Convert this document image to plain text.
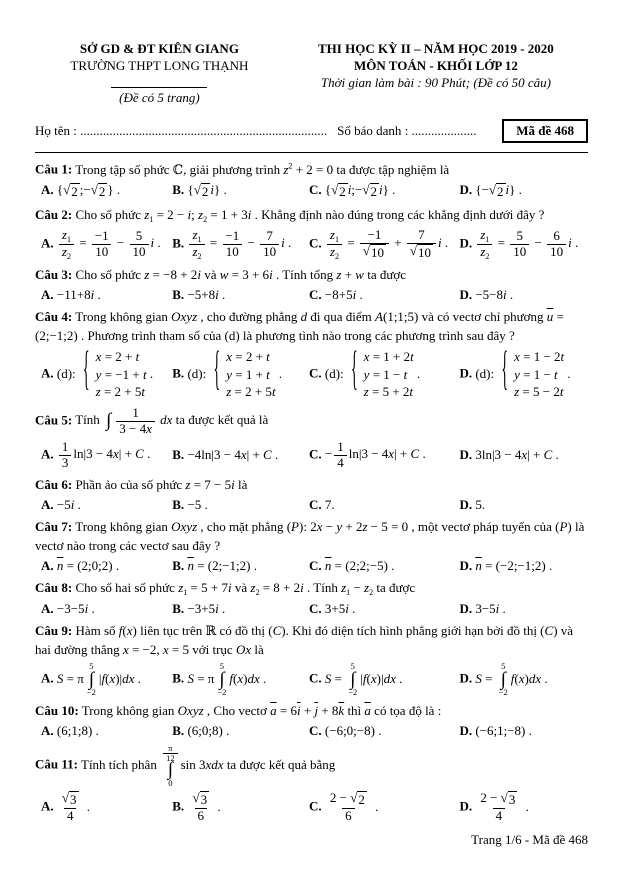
SỞ GD & ĐT KIÊN GIANG
TRƯỜNG THPT LONG THẠNH
(Đề có 5 trang)
THI HỌC KỲ II – NĂM HỌC 2019 - 2020
MÔN TOÁN - KHỐI LỚP 12
Thời gian làm bài : 90 Phút; (Đề có 50 câu)
Họ tên : ............................................................................ Số báo danh : ....................	Mã đề 468
Câu 1: Trong tập số phức ℂ, giải phương trình $z^2 + 2 = 0$ ta được tập nghiệm là
A. { √ 2 ;− √ 2 } .	B. { √ 2 i} .	C. { √ 2 i;− √ 2 i} .	D. {− √ 2 i} .
Câu 2: Cho số phức $z_1 = 2 - i$; $z_2 = 1 + 3i$ . Khẳng định nào đúng trong các khẳng định dưới đây ?
A. $\frac{z_1}{z_2} = \frac{-1}{10} - \frac{5}{10}$ i . B. $\frac{z_1}{z_2} = \frac{-1}{10} - \frac{7}{10}$ i .	C. $\frac{z_1}{z_2} = \frac{-1}{√ 10} + \frac{7}{√ 10}$ i . D. $\frac{z_1}{z_2} = \frac{5}{10} - \frac{6}{10}$ i .
Câu 3: Cho số phức z = −8 + 2i và w = 3 + 6i . Tính tổng z + w ta được
A. −11+8i .	B. −5+8i .	C. −8+5i .	D. −5−8i .
Câu 4: Trong không gian Oxyz , cho đường phẳng d đi qua điểm A(1;1;5) và có vectơ chỉ phương $\overline{u}$ = (2;−1;2) . Phương trình tham số của (d) là phương tình nào trong các phương trình sau đây ?
A. (d): { x = 2 + t
y = −1 + t
z = 2 + 5t
.	B. (d): { x = 2 + t
y = 1 + t
z = 2 + 5t
.	C. (d): { x = 1 + 2t
y = 1 − t
z = 5 + 2t
.	D. (d): { x = 1 − 2t
y = 1 − t
z = 5 − 2t
.
Câu 5: Tính ∫ $\frac{1}{3 - 4x}$ dx ta được kết quả là
A. $\frac{1}{3} \ln|3 - 4x| + C$ .	B. −4ln|3 − 4x| + C .	C. − $\frac{1}{4} \ln|3 - 4x| + C$ .	D. 3ln|3 − 4x| + C .
Câu 6: Phần ảo của số phức z = 7 − 5i là
A. −5i .	B. −5 .	C. 7.	D. 5.
Câu 7: Trong không gian Oxyz , cho mặt phẳng (P): 2x − y + 2z − 5 = 0 , một vectơ pháp tuyến của (P) là vectơ nào trong các vectơ sau đây ?
A. $\overline{n}$ = (2;0;2) .	B. $\overline{n}$ = (2;−1;2) .	C. $\overline{n}$ = (2;2;−5) .	D. $\overline{n}$ = (−2;−1;2) .
Câu 8: Cho số hai số phức $z_1 = 5 + 7i$ và $z_2 = 8 + 2i$ . Tính $z_1 - z_2$ ta được
A. −3−5i .	B. −3+5i .	C. 3+5i .	D. 3−5i .
Câu 9: Hàm số f(x) liên tục trên ℝ có đồ thị (C). Khi đó diện tích hình phẳng giới hạn bởi đồ thị (C) và hai đường thẳng x = −2, x = 5 với trục Ox là
A. S = π
5
∫
−2
|f(x)|dx .	B. S = π
5
∫
−2
f(x)dx .	C. S =
5
∫
−2
|f(x)|dx .	D. S =
5
∫
−2
f(x)dx .
Câu 10: Trong không gian Oxyz , Cho vectơ $\overline{a} = 6\overline{i} + \overline{j} + 8\overline{k}$ thì $\overline{a}$ có tọa độ là :
A. (6;1;8) .	B. (6;0;8) .	C. (−6;0;−8) .	D. (−6;1;−8) .
Câu 11: Tính tích phân
$\frac{\pi}{12}$
∫
0
sin 3xdx ta được kết quả bằng
A. $\frac{√ 3}{4}$ .	B. $\frac{√ 3}{6}$ .	C. $\frac{2 - √ 2}{6}$ .	D. $\frac{2 - √ 3}{4}$ .
Trang 1/6 - Mã đề 468
